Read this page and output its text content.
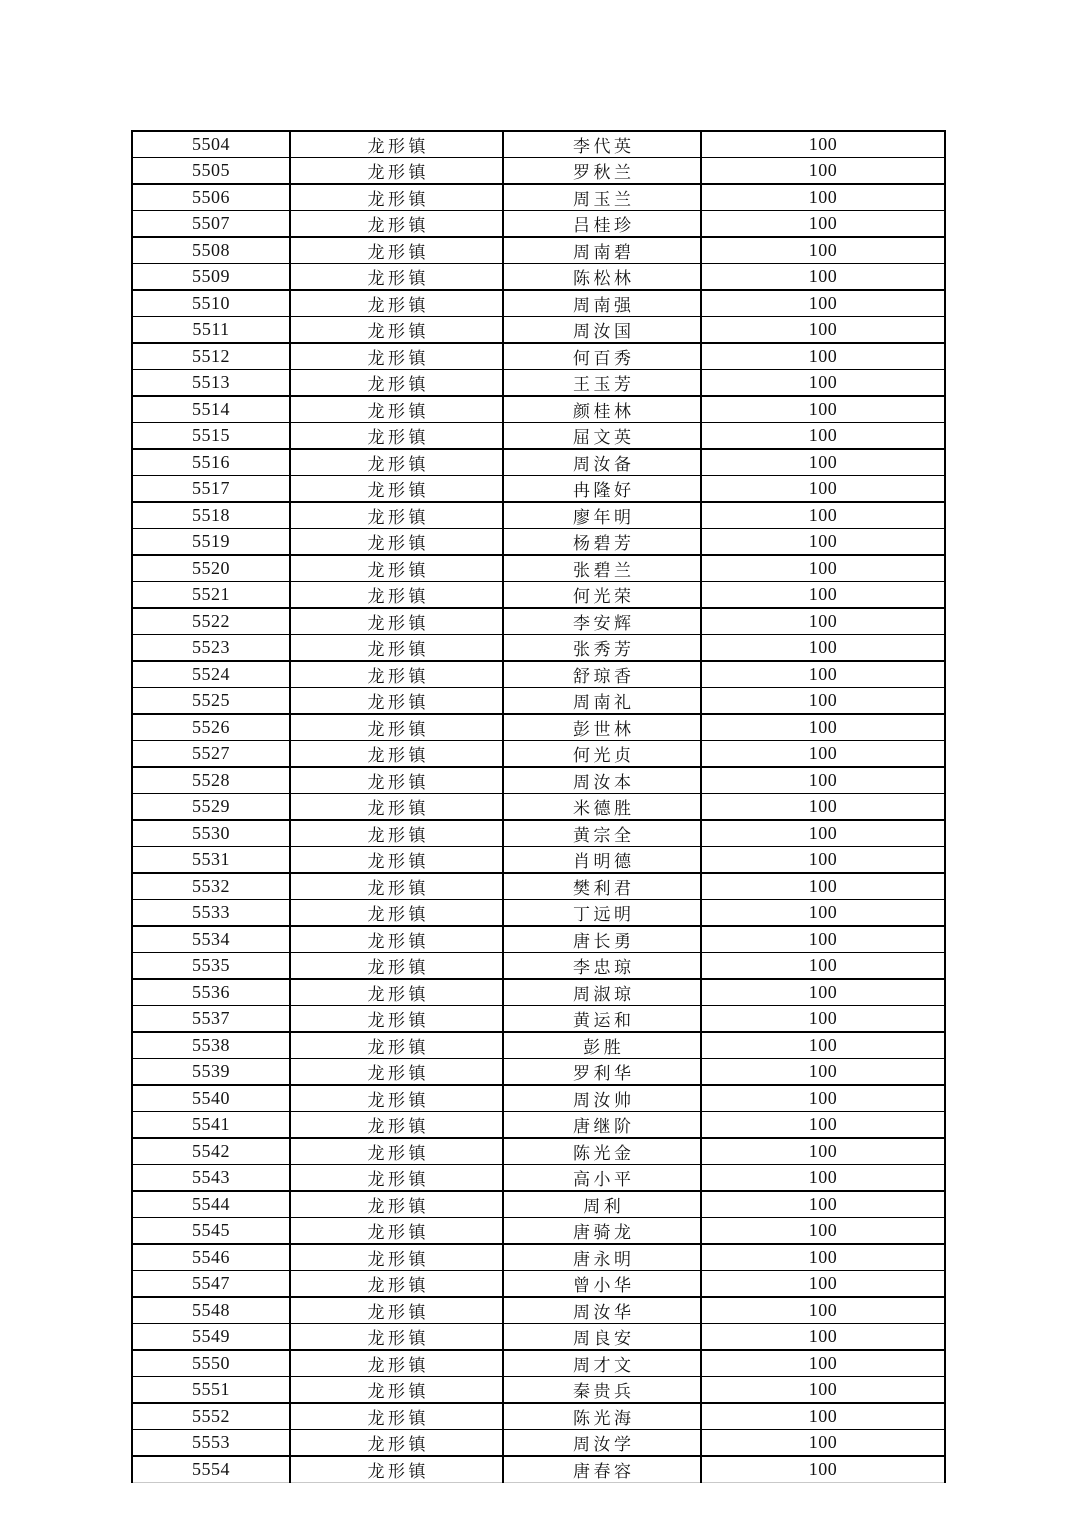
5504	龙形镇	李代英	100
5505	龙形镇	罗秋兰	100
5506	龙形镇	周玉兰	100
5507	龙形镇	吕桂珍	100
5508	龙形镇	周南碧	100
5509	龙形镇	陈松林	100
5510	龙形镇	周南强	100
5511	龙形镇	周汝国	100
5512	龙形镇	何百秀	100
5513	龙形镇	王玉芳	100
5514	龙形镇	颜桂林	100
5515	龙形镇	屈文英	100
5516	龙形镇	周汝备	100
5517	龙形镇	冉隆好	100
5518	龙形镇	廖年明	100
5519	龙形镇	杨碧芳	100
5520	龙形镇	张碧兰	100
5521	龙形镇	何光荣	100
5522	龙形镇	李安辉	100
5523	龙形镇	张秀芳	100
5524	龙形镇	舒琼香	100
5525	龙形镇	周南礼	100
5526	龙形镇	彭世林	100
5527	龙形镇	何光贞	100
5528	龙形镇	周汝本	100
5529	龙形镇	米德胜	100
5530	龙形镇	黄宗全	100
5531	龙形镇	肖明德	100
5532	龙形镇	樊利君	100
5533	龙形镇	丁远明	100
5534	龙形镇	唐长勇	100
5535	龙形镇	李忠琼	100
5536	龙形镇	周淑琼	100
5537	龙形镇	黄运和	100
5538	龙形镇	彭胜	100
5539	龙形镇	罗利华	100
5540	龙形镇	周汝帅	100
5541	龙形镇	唐继阶	100
5542	龙形镇	陈光金	100
5543	龙形镇	高小平	100
5544	龙形镇	周利	100
5545	龙形镇	唐骑龙	100
5546	龙形镇	唐永明	100
5547	龙形镇	曾小华	100
5548	龙形镇	周汝华	100
5549	龙形镇	周良安	100
5550	龙形镇	周才文	100
5551	龙形镇	秦贵兵	100
5552	龙形镇	陈光海	100
5553	龙形镇	周汝学	100
5554	龙形镇	唐春容	100
